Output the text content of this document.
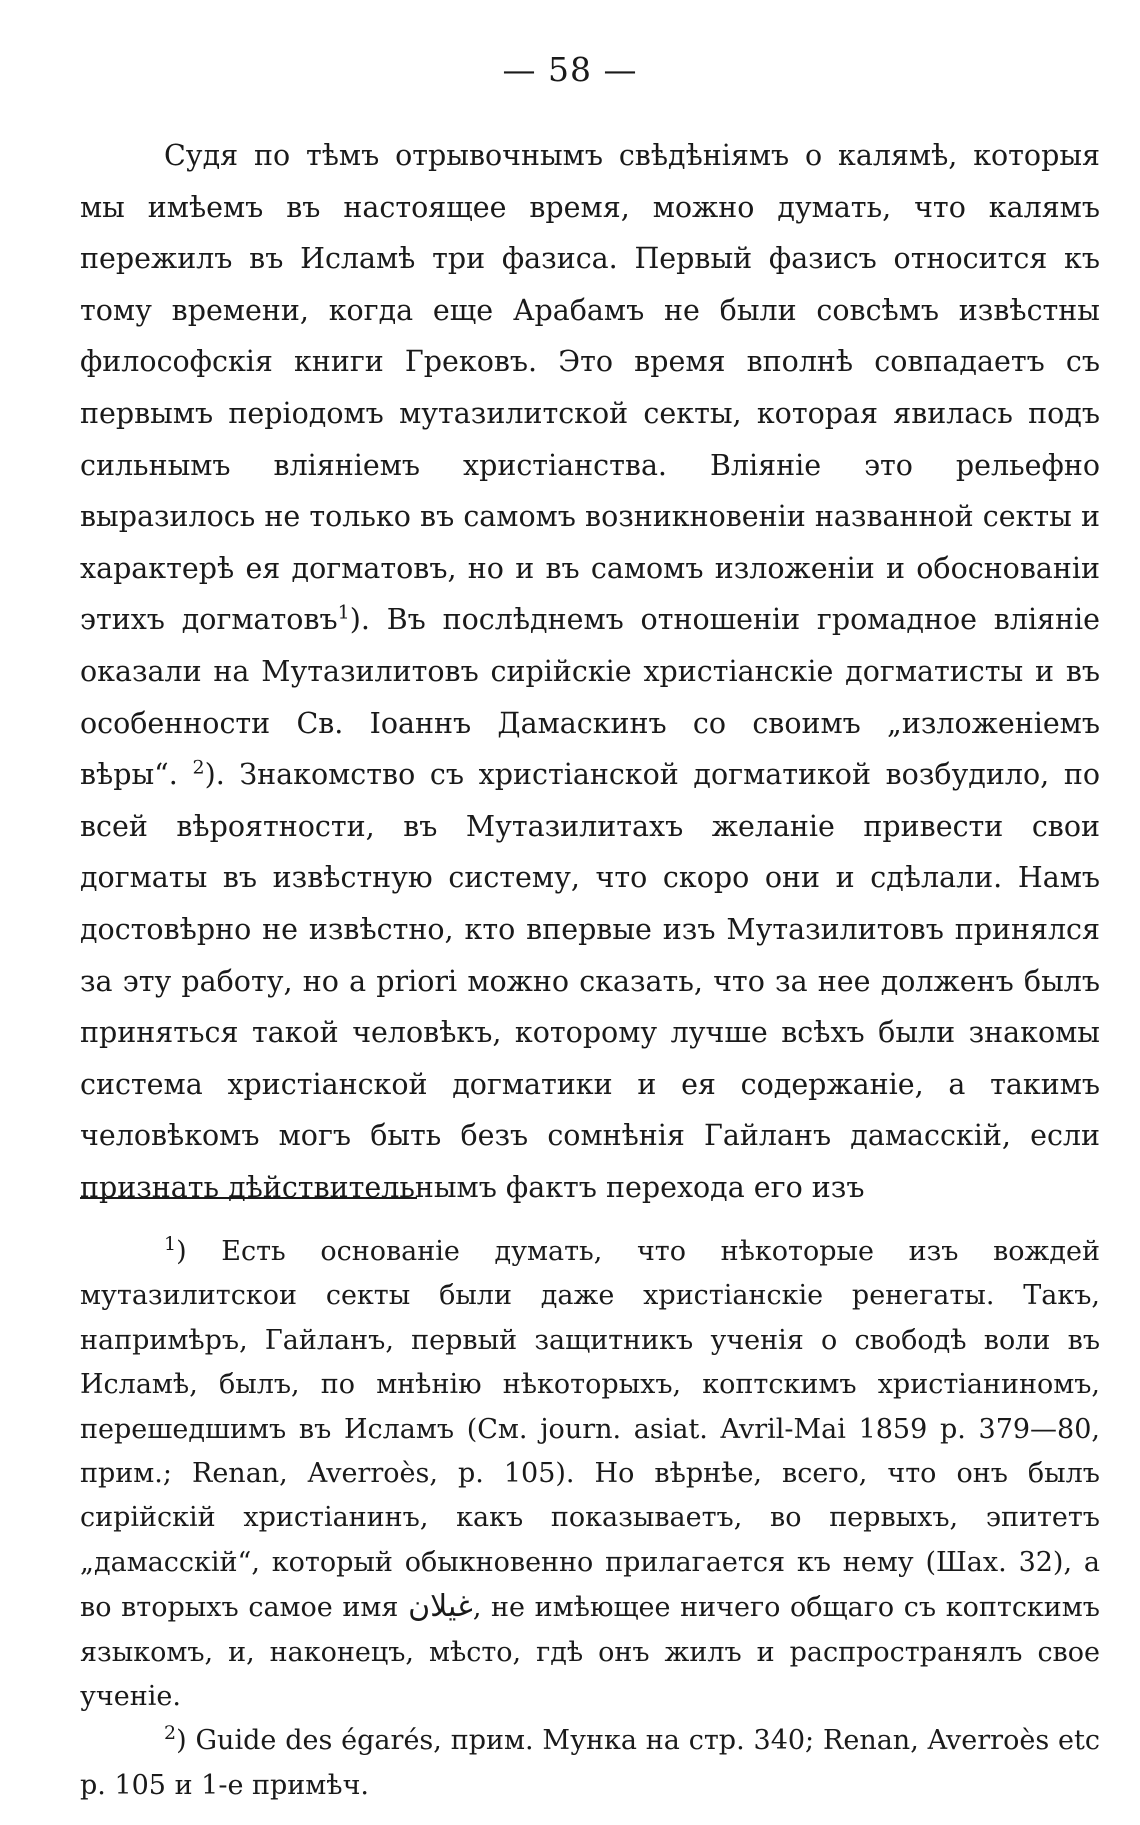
— 58 —

Судя по тѣмъ отрывочнымъ свѣдѣніямъ о калямѣ, которыя мы имѣемъ въ настоящее время, можно думать, что калямъ пережилъ въ Исламѣ три фазиса. Первый фазисъ относится къ тому времени, когда еще Арабамъ не были совсѣмъ извѣстны философскія книги Грековъ. Это время вполнѣ совпадаетъ съ первымъ періодомъ мутазилитской секты, которая явилась подъ сильнымъ вліяніемъ христіанства. Вліяніе это рельефно выразилось не только въ самомъ возникновеніи названной секты и характерѣ ея догматовъ, но и въ самомъ изложеніи и обоснованіи этихъ догматовъ$^1$). Въ послѣднемъ отношеніи громадное вліяніе оказали на Мутазилитовъ сирійскіе христіанскіе догматисты и въ особенности Св. Іоаннъ Дамаскинъ со своимъ „изложеніемъ вѣры“. $^2$). Знакомство съ христіанской догматикой возбудило, по всей вѣроятности, въ Мутазилитахъ желаніе привести свои догматы въ извѣстную систему, что скоро они и сдѣлали. Намъ достовѣрно не извѣстно, кто впервые изъ Мутазилитовъ принялся за эту работу, но a priori можно сказать, что за нее долженъ былъ приняться такой человѣкъ, которому лучше всѣхъ были знакомы система христіанской догматики и ея содержаніе, а такимъ человѣкомъ могъ быть безъ сомнѣнія Гайланъ дамасскій, если признать дѣйствительнымъ фактъ перехода его изъ

$^1$) Есть основаніе думать, что нѣкоторые изъ вождей мутазилитскои секты были даже христіанскіе ренегаты. Такъ, напримѣръ, Гайланъ, первый защитникъ ученія о свободѣ воли въ Исламѣ, былъ, по мнѣнію нѣкоторыхъ, коптскимъ христіаниномъ, перешедшимъ въ Исламъ (См. journ. asiat. Avril-Mai 1859 р. 379—80, прим.; Renan, Averroès, р. 105). Но вѣрнѣе, всего, что онъ былъ сирійскій христіанинъ, какъ показываетъ, во первыхъ, эпитетъ „дамасскій“, который обыкновенно прилагается къ нему (Шах. 32), а во вторыхъ самое имя غيلان, не имѣющее ничего общаго съ коптскимъ языкомъ, и, наконецъ, мѣсто, гдѣ онъ жилъ и распространялъ свое ученіе.

$^2$) Guide des égarés, прим. Мунка на стр. 340; Renan, Averroès etc р. 105 и 1-е примѣч.
